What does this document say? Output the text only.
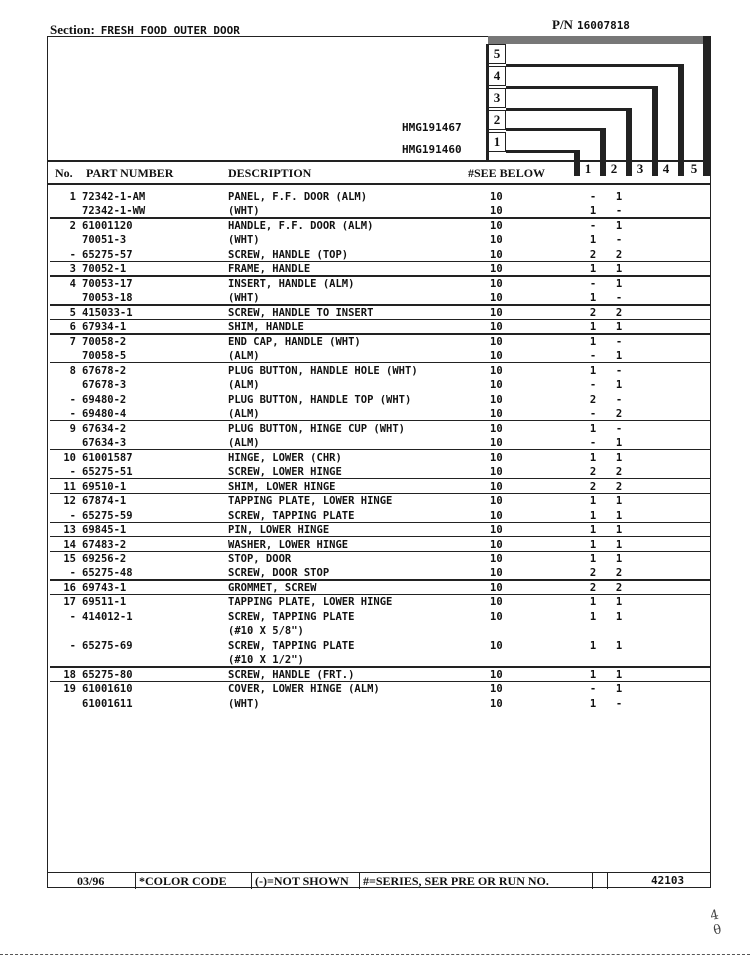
Section: FRESH FOOD OUTER DOOR	P/N 16007818
5
4
3
2
1
HMG191467
HMG191460
No. PART NUMBER	DESCRIPTION	#SEE BELOW	1	2	3	4	5
1 72342-1-AM	PANEL, F.F. DOOR (ALM)	10	-	1
72342-1-WW	(WHT)	10	1	-
2 61001120	HANDLE, F.F. DOOR (ALM)	10	-	1
70051-3	(WHT)	10	1	-
- 65275-57	SCREW, HANDLE (TOP)	10	2	2
3 70052-1	FRAME, HANDLE	10	1	1
4 70053-17	INSERT, HANDLE (ALM)	10	-	1
70053-18	(WHT)	10	1	-
5 415033-1	SCREW, HANDLE TO INSERT	10	2	2
6 67934-1	SHIM, HANDLE	10	1	1
7 70058-2	END CAP, HANDLE (WHT)	10	1	-
70058-5	(ALM)	10	-	1
8 67678-2	PLUG BUTTON, HANDLE HOLE (WHT)	10	1	-
67678-3	(ALM)	10	-	1
- 69480-2	PLUG BUTTON, HANDLE TOP (WHT)	10	2	-
- 69480-4	(ALM)	10	-	2
9 67634-2	PLUG BUTTON, HINGE CUP (WHT)	10	1	-
67634-3	(ALM)	10	-	1
10 61001587	HINGE, LOWER (CHR)	10	1	1
- 65275-51	SCREW, LOWER HINGE	10	2	2
11 69510-1	SHIM, LOWER HINGE	10	2	2
12 67874-1	TAPPING PLATE, LOWER HINGE	10	1	1
- 65275-59	SCREW, TAPPING PLATE	10	1	1
13 69845-1	PIN, LOWER HINGE	10	1	1
14 67483-2	WASHER, LOWER HINGE	10	1	1
15 69256-2	STOP, DOOR	10	1	1
- 65275-48	SCREW, DOOR STOP	10	2	2
16 69743-1	GROMMET, SCREW	10	2	2
17 69511-1	TAPPING PLATE, LOWER HINGE	10	1	1
- 414012-1	SCREW, TAPPING PLATE	10	1	1
(#10 X 5/8")
- 65275-69	SCREW, TAPPING PLATE	10	1	1
(#10 X 1/2")
18 65275-80	SCREW, HANDLE (FRT.)	10	1	1
19 61001610	COVER, LOWER HINGE (ALM)	10	-	1
61001611	(WHT)	10	1	-
03/96	*COLOR CODE (-)=NOT SHOWN #=SERIES, SER PRE OR RUN NO.	42103
4
θ
